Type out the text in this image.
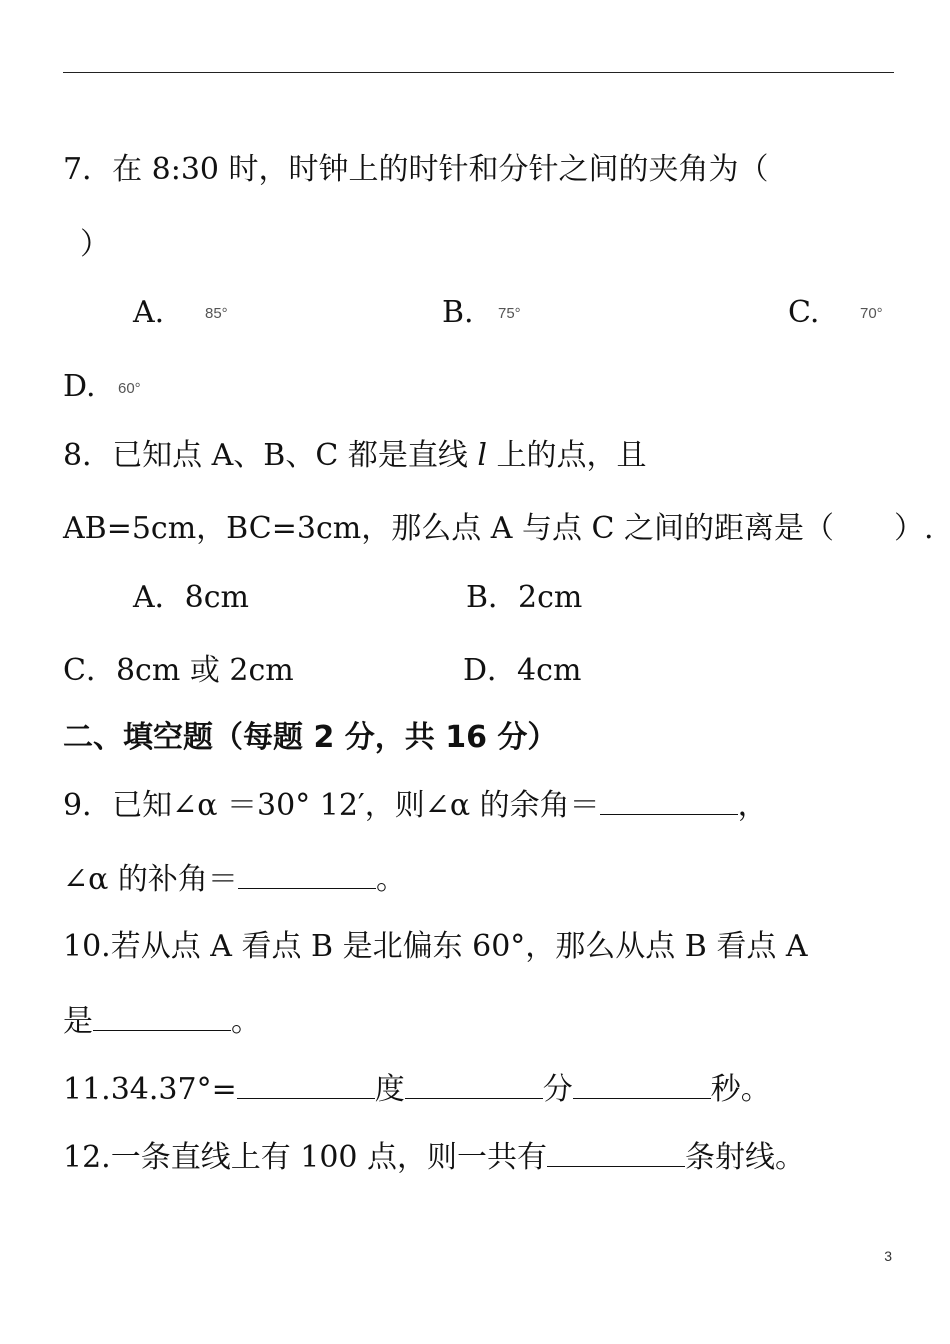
7．在 8:30 时，时钟上的时针和分针之间的夹角为（
）
A.	85°	B. 75°	C.	70°
D. 60°
8．已知点 A、B、C 都是直线 l 上的点，且
AB=5cm，BC=3cm，那么点 A 与点 C 之间的距离是（　　）.
A．8cm	B．2cm
C．8cm 或 2cm	D．4cm
二、填空题（每题 2 分，共 16 分）
9．已知∠α ＝30° 12′，则∠α 的余角＝	，
∠α 的补角＝	。
10.若从点 A 看点 B 是北偏东 60°，那么从点 B 看点 A
是	。
11.34.37°=	度	分	秒。
12.一条直线上有 100 点，则一共有	条射线。
3
